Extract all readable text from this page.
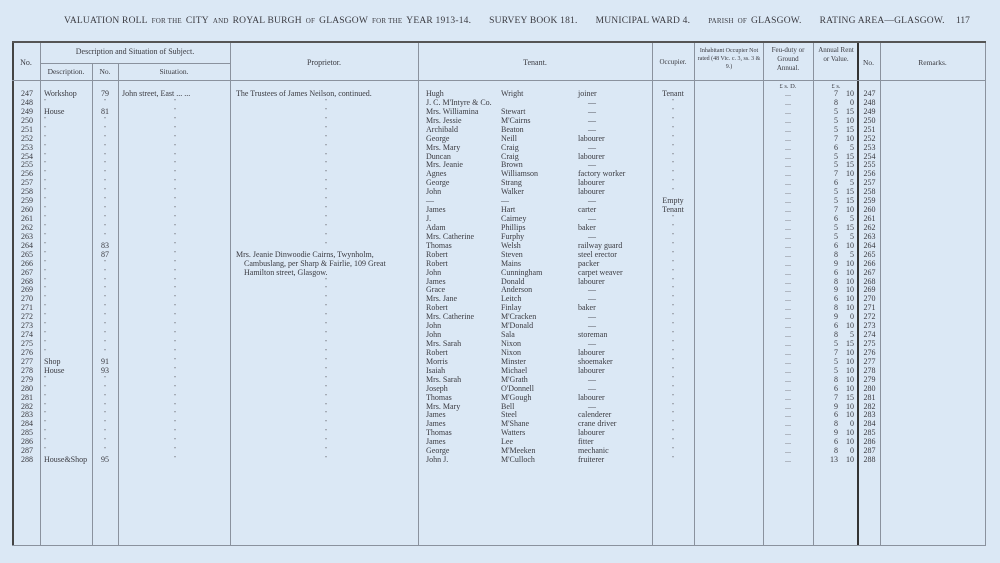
VALUATION ROLL FOR THE CITY AND ROYAL BURGH OF GLASGOW FOR THE YEAR 1913-14. SURVEY BOOK 181. MUNICIPAL WARD 4.	PARISH OF GLASGOW. RATING AREA—GLASGOW.	117
No.
Description and Situation of Subject.
Description.	No.	Situation.
Proprietor.	Tenant.	Occupier.
Inhabitant Occupier Not rated (48 Vic. c. 3, ss. 3 & 9.)
Feu-duty or Ground Annual.
Annual Rent or Value.	No.	Remarks.
£ s. D.	£ s.
247	Workshop	79	John street, East ... ...	The Trustees of James Neilson, continued.	Hugh	Wright	joiner	Tenant	...	7	10	247
248	"	"	"	"	J. C. M'Intyre & Co.	—	"	...	8	0	248
249	House	81	"	"	Mrs. Williamina	Stewart	—	"	...	5	15	249
250	"	"	"	"	Mrs. Jessie	M'Cairns	—	"	...	5	10	250
251	"	"	"	"	Archibald	Beaton	—	"	...	5	15	251
252	"	"	"	"	George	Neill	labourer	"	...	7	10	252
253	"	"	"	"	Mrs. Mary	Craig	—	"	...	6	5	253
254	"	"	"	"	Duncan	Craig	labourer	"	...	5	15	254
255	"	"	"	"	Mrs. Jeanie	Brown	—	"	...	5	15	255
256	"	"	"	"	Agnes	Williamson	factory worker	"	...	7	10	256
257	"	"	"	"	George	Strang	labourer	"	...	6	5	257
258	"	"	"	"	John	Walker	labourer	"	...	5	15	258
259	"	"	"	"	—	—	—	Empty	...	5	15	259
260	"	"	"	"	James	Hart	carter	Tenant	...	7	10	260
261	"	"	"	"	J.	Cairney	—	"	...	6	5	261
262	"	"	"	"	Adam	Phillips	baker	"	...	5	15	262
263	"	"	"	"	Mrs. Catherine	Furphy	—	"	...	5	5	263
264	"	83	"	"	Thomas	Welsh	railway guard	"	...	6	10	264
265	"	87	"	Mrs. Jeanie Dinwoodie Cairns, Twynholm,	Robert	Steven	steel erector	"	...	8	5	265
266	"	"	"	Cambuslang, per Sharp & Fairlie, 109 Great	Robert	Mains	packer	"	...	9	10	266
267	"	"	"	Hamilton street, Glasgow.	John	Cunningham	carpet weaver	"	...	6	10	267
268	"	"	"	"	James	Donald	labourer	"	...	8	10	268
269	"	"	"	"	Grace	Anderson	—	"	...	9	10	269
270	"	"	"	"	Mrs. Jane	Leitch	—	"	...	6	10	270
271	"	"	"	"	Robert	Finlay	baker	"	...	8	10	271
272	"	"	"	"	Mrs. Catherine	M'Cracken	—	"	...	9	0	272
273	"	"	"	"	John	M'Donald	—	"	...	6	10	273
274	"	"	"	"	John	Sala	storeman	"	...	8	5	274
275	"	"	"	"	Mrs. Sarah	Nixon	—	"	...	5	15	275
276	"	"	"	"	Robert	Nixon	labourer	"	...	7	10	276
277	Shop	91	"	"	Morris	Minster	shoemaker	"	...	5	10	277
278	House	93	"	"	Isaiah	Michael	labourer	"	...	5	10	278
279	"	"	"	"	Mrs. Sarah	M'Grath	—	"	...	8	10	279
280	"	"	"	"	Joseph	O'Donnell	—	"	...	6	10	280
281	"	"	"	"	Thomas	M'Gough	labourer	"	...	7	15	281
282	"	"	"	"	Mrs. Mary	Bell	—	"	...	9	10	282
283	"	"	"	"	James	Steel	calenderer	"	...	6	10	283
284	"	"	"	"	James	M'Shane	crane driver	"	...	8	0	284
285	"	"	"	"	Thomas	Watters	labourer	"	...	9	10	285
286	"	"	"	"	James	Lee	fitter	"	...	6	10	286
287	"	"	"	"	George	M'Meeken	mechanic	"	...	8	0	287
288	House&Shop	95	"	"	John J.	M'Culloch	fruiterer	"	...	13	10	288
